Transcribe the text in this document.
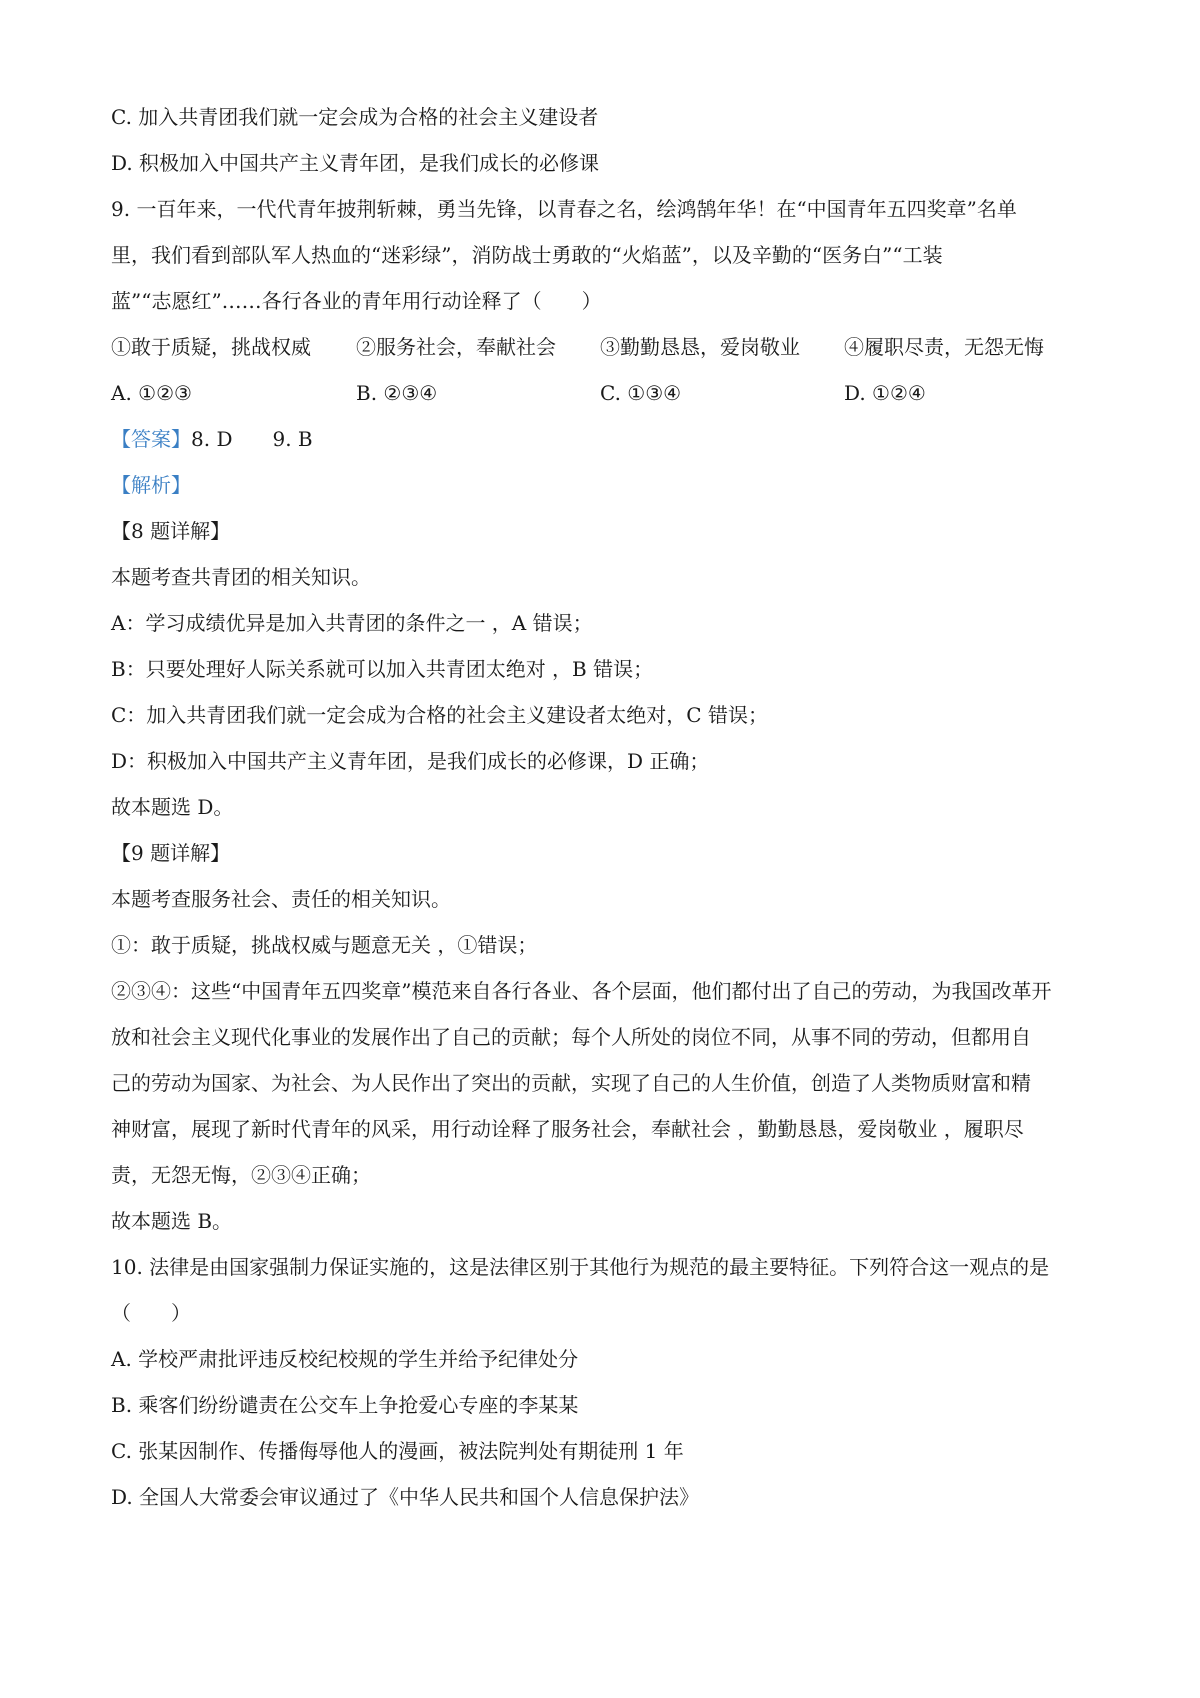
C. 加入共青团我们就一定会成为合格的社会主义建设者
D. 积极加入中国共产主义青年团，是我们成长的必修课
9. 一百年来，一代代青年披荆斩棘，勇当先锋，以青春之名，绘鸿鹄年华！在“中国青年五四奖章”名单
里，我们看到部队军人热血的“迷彩绿”，消防战士勇敢的“火焰蓝”，以及辛勤的“医务白”“工装
蓝”“志愿红”……各行各业的青年用行动诠释了（　　）
①敢于质疑，挑战权威 ②服务社会，奉献社会 ③勤勤恳恳，爱岗敬业 ④履职尽责，无怨无悔
A. ①②③	B. ②③④	C. ①③④	D. ①②④
【答案】8. D　　9. B
【解析】
【8 题详解】
本题考查共青团的相关知识。
A：学习成绩优异是加入共青团的条件之一 ，A 错误；
B：只要处理好人际关系就可以加入共青团太绝对 ，B 错误；
C：加入共青团我们就一定会成为合格的社会主义建设者太绝对，C 错误；
D：积极加入中国共产主义青年团，是我们成长的必修课，D 正确；
故本题选 D。
【9 题详解】
本题考查服务社会、责任的相关知识。
①：敢于质疑，挑战权威与题意无关 ，①错误；
②③④：这些“中国青年五四奖章”模范来自各行各业、各个层面，他们都付出了自己的劳动，为我国改革开
放和社会主义现代化事业的发展作出了自己的贡献；每个人所处的岗位不同，从事不同的劳动，但都用自
己的劳动为国家、为社会、为人民作出了突出的贡献，实现了自己的人生价值，创造了人类物质财富和精
神财富，展现了新时代青年的风采，用行动诠释了服务社会，奉献社会 ，勤勤恳恳，爱岗敬业 ，履职尽
责，无怨无悔，②③④正确；
故本题选 B。
10. 法律是由国家强制力保证实施的，这是法律区别于其他行为规范的最主要特征。下列符合这一观点的是
（　　）
A. 学校严肃批评违反校纪校规的学生并给予纪律处分
B. 乘客们纷纷谴责在公交车上争抢爱心专座的李某某
C. 张某因制作、传播侮辱他人的漫画，被法院判处有期徒刑 1 年
D. 全国人大常委会审议通过了《中华人民共和国个人信息保护法》
